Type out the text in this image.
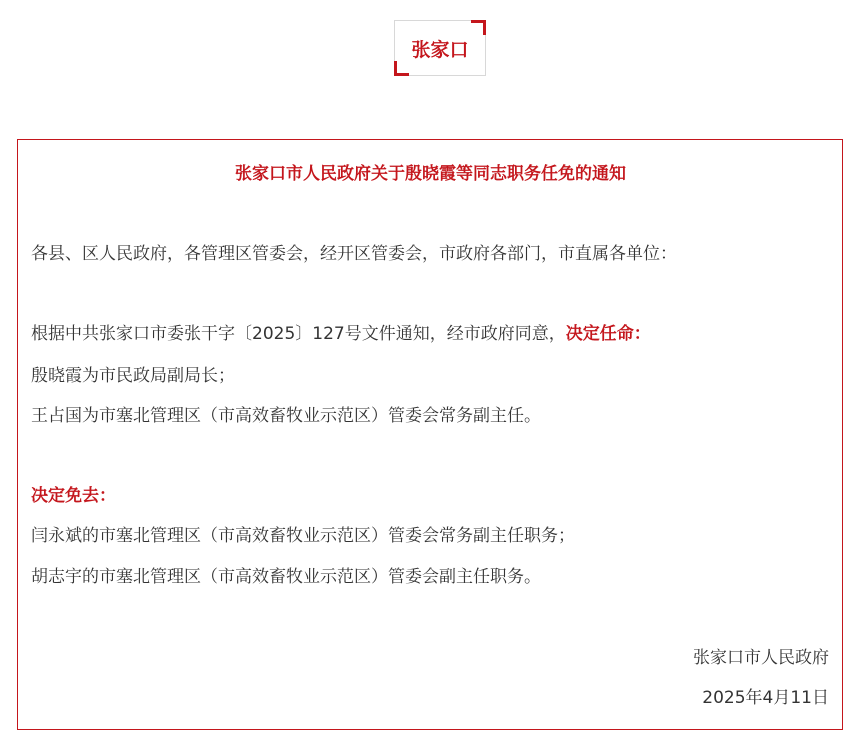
张家口
张家口市人民政府关于殷晓霞等同志职务任免的通知

各县、区人民政府，各管理区管委会，经开区管委会，市政府各部门，市直属各单位：

根据中共张家口市委张干字〔2025〕127号文件通知，经市政府同意，决定任命：

殷晓霞为市民政局副局长；

王占国为市塞北管理区（市高效畜牧业示范区）管委会常务副主任。

决定免去：

闫永斌的市塞北管理区（市高效畜牧业示范区）管委会常务副主任职务；

胡志宇的市塞北管理区（市高效畜牧业示范区）管委会副主任职务。

张家口市人民政府

2025年4月11日
